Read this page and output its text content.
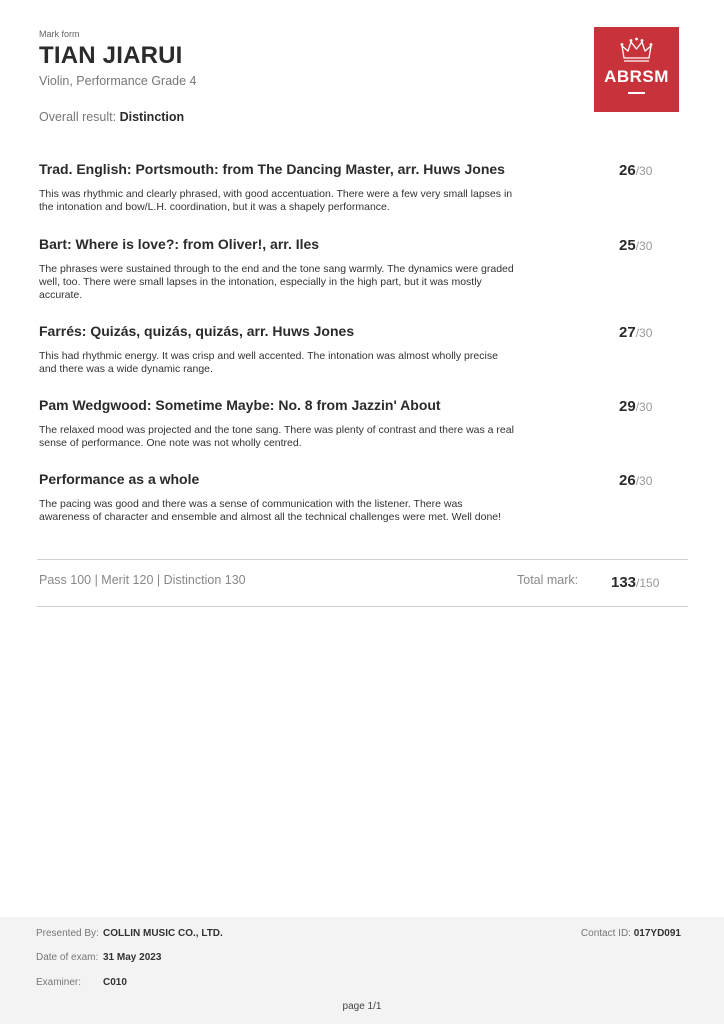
Mark form
TIAN JIARUI
Violin, Performance Grade 4
Overall result: Distinction
ABRSM
Trad. English: Portsmouth: from The Dancing Master, arr. Huws Jones	26/30
This was rhythmic and clearly phrased, with good accentuation. There were a few very small lapses in the intonation and bow/L.H. coordination, but it was a shapely performance.
Bart: Where is love?: from Oliver!, arr. Iles	25/30
The phrases were sustained through to the end and the tone sang warmly. The dynamics were graded well, too. There were small lapses in the intonation, especially in the high part, but it was mostly accurate.
Farrés: Quizás, quizás, quizás, arr. Huws Jones	27/30
This had rhythmic energy. It was crisp and well accented. The intonation was almost wholly precise and there was a wide dynamic range.
Pam Wedgwood: Sometime Maybe: No. 8 from Jazzin' About	29/30
The relaxed mood was projected and the tone sang. There was plenty of contrast and there was a real sense of performance. One note was not wholly centred.
Performance as a whole	26/30
The pacing was good and there was a sense of communication with the listener. There was awareness of character and ensemble and almost all the technical challenges were met. Well done!
Pass 100 | Merit 120 | Distinction 130	Total mark: 133/150
Presented By: COLLIN MUSIC CO., LTD.	Contact ID: 017YD091
Date of exam: 31 May 2023
Examiner: C010
page 1/1
